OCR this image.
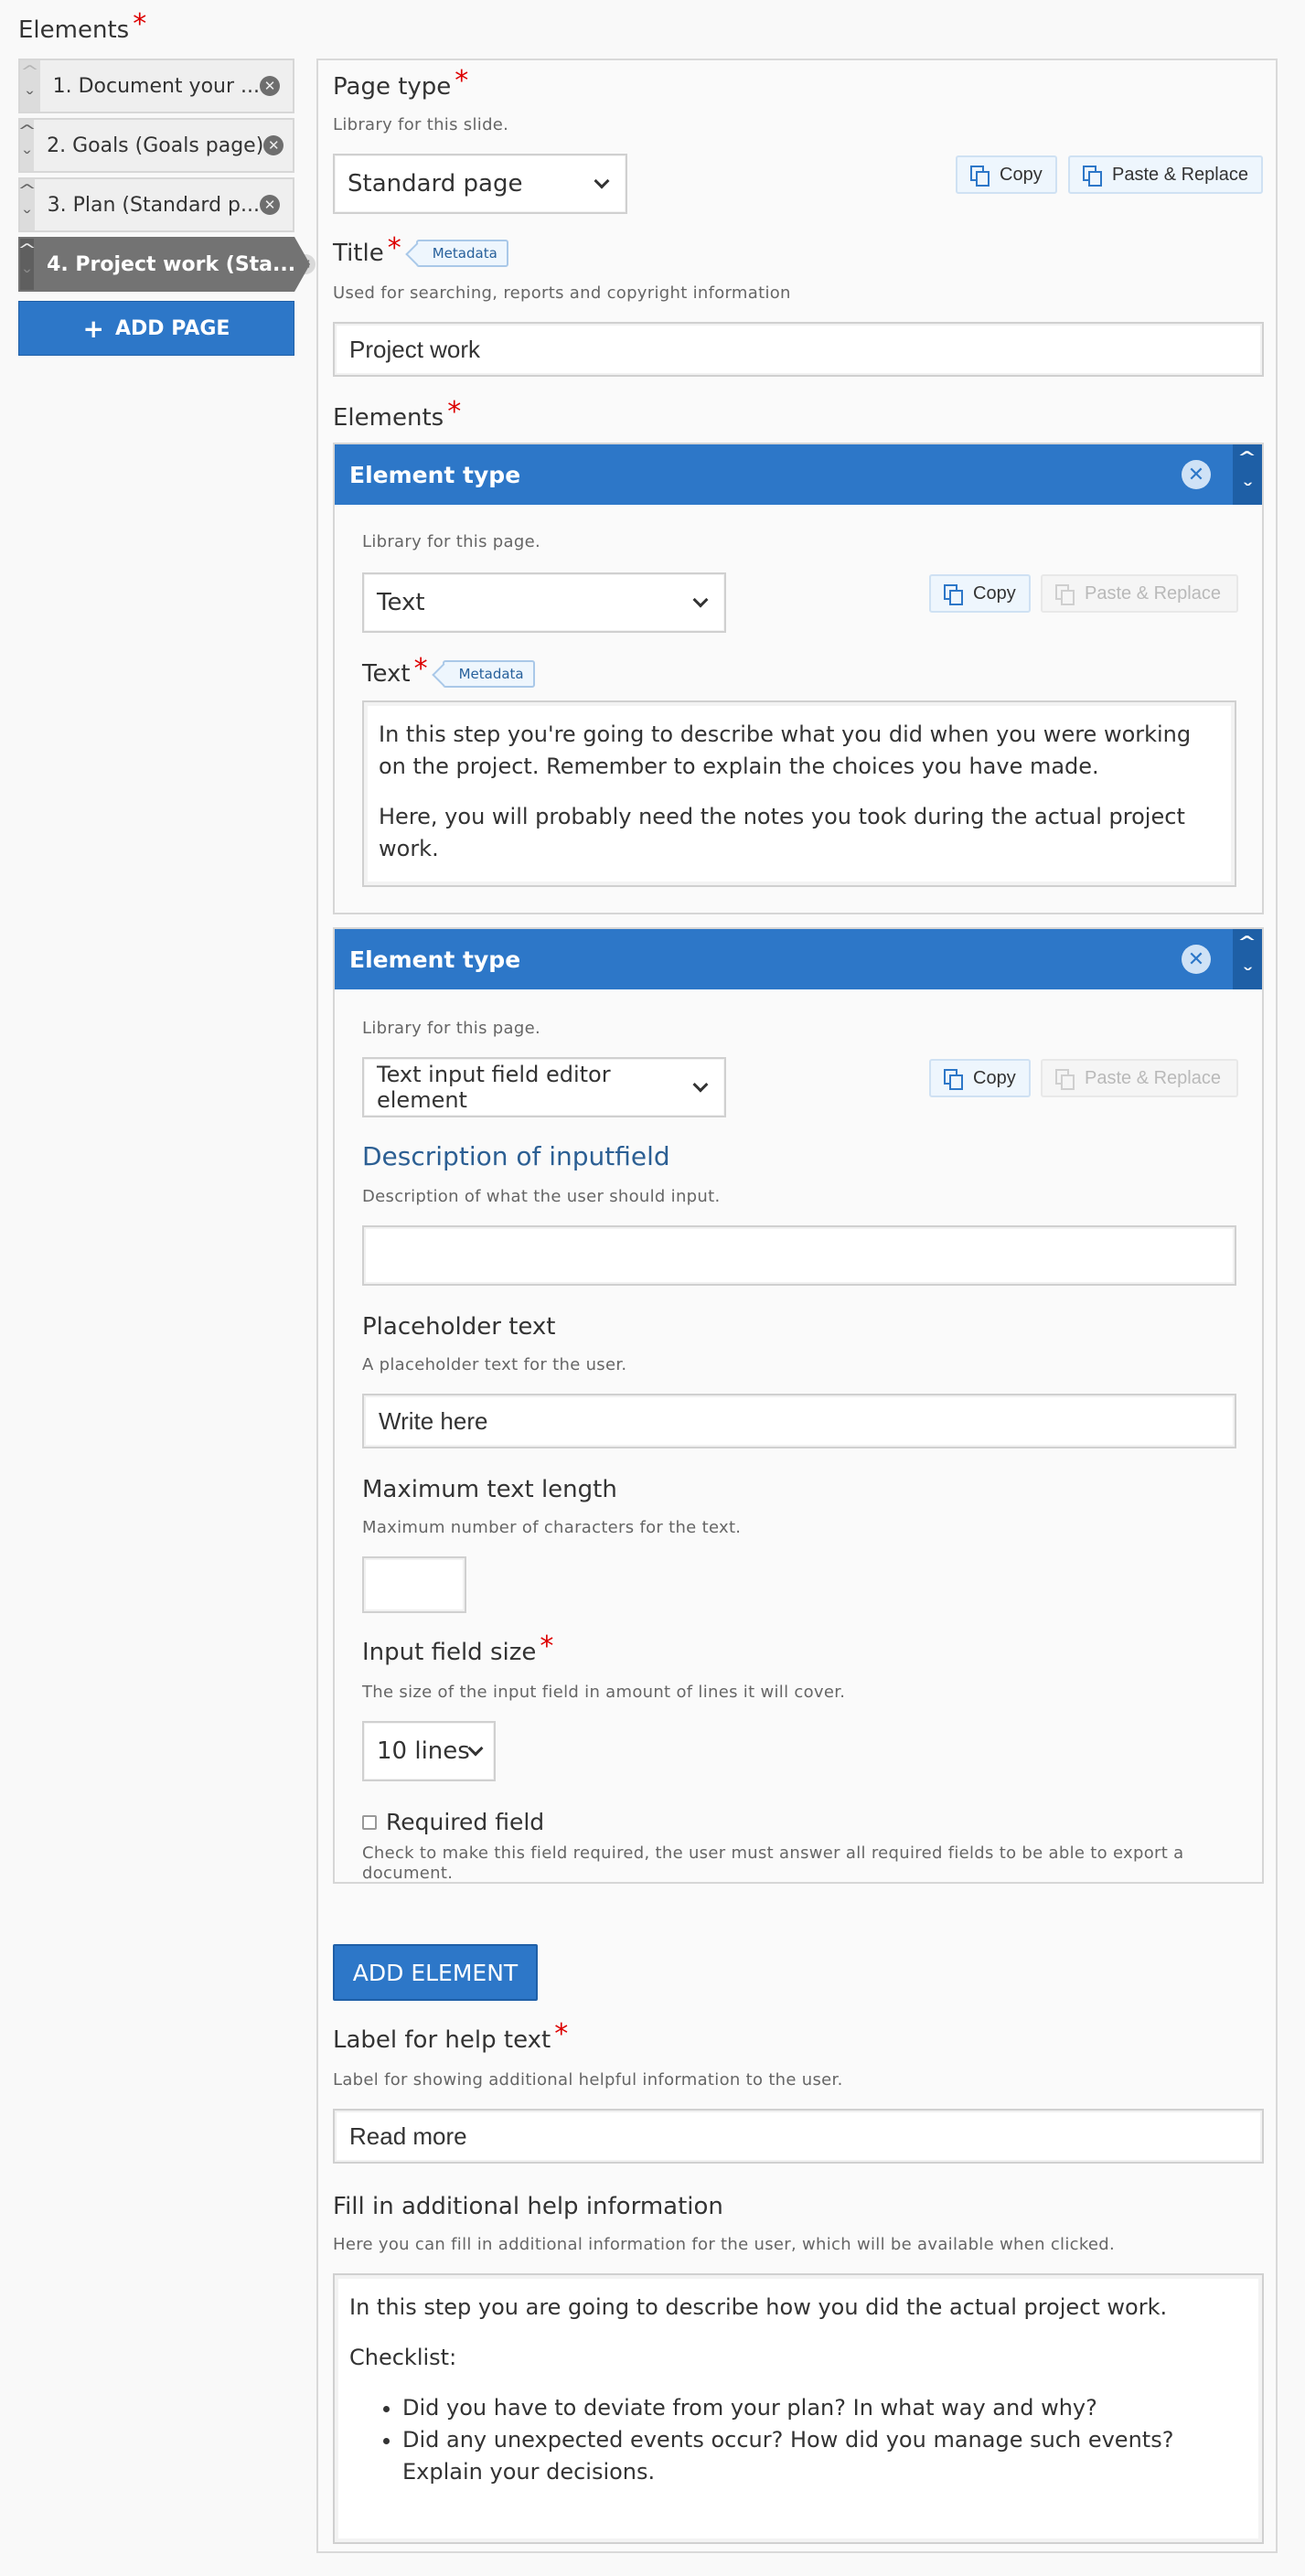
Elements *
^
ˇ
1. Document your ... ✕
^
ˇ
2. Goals (Goals page) ✕
^
ˇ
3. Plan (Standard p... ✕
^
ˇ
4. Project work (Sta... ✕
+ ADD PAGE
Page type *
Library for this slide.
Standard page	Copy	Paste & Replace
Title * Metadata
Used for searching, reports and copyright information
Project work
Elements *
Element type	✕
^
ˇ
Library for this page.
Text	Copy	Paste & Replace
Text * Metadata

In this step you're going to describe what you did when you were working on the project. Remember to explain the choices you have made.

Here, you will probably need the notes you took during the actual project work.

Element type	✕
^
ˇ
Library for this page.
Text input field editor element
Copy	Paste & Replace
Description of inputfield
Description of what the user should input.
Placeholder text
A placeholder text for the user.
Write here
Maximum text length
Maximum number of characters for the text.
Input field size *
The size of the input field in amount of lines it will cover.
10 lines
Required field
Check to make this field required, the user must answer all required fields to be able to export a document.
ADD ELEMENT
Label for help text *
Label for showing additional helpful information to the user.
Read more
Fill in additional help information
Here you can fill in additional information for the user, which will be available when clicked.

In this step you are going to describe how you did the actual project work.

Checklist:

• Did you have to deviate from your plan? In what way and why?
• Did any unexpected events occur? How did you manage such events? Explain your decisions.
